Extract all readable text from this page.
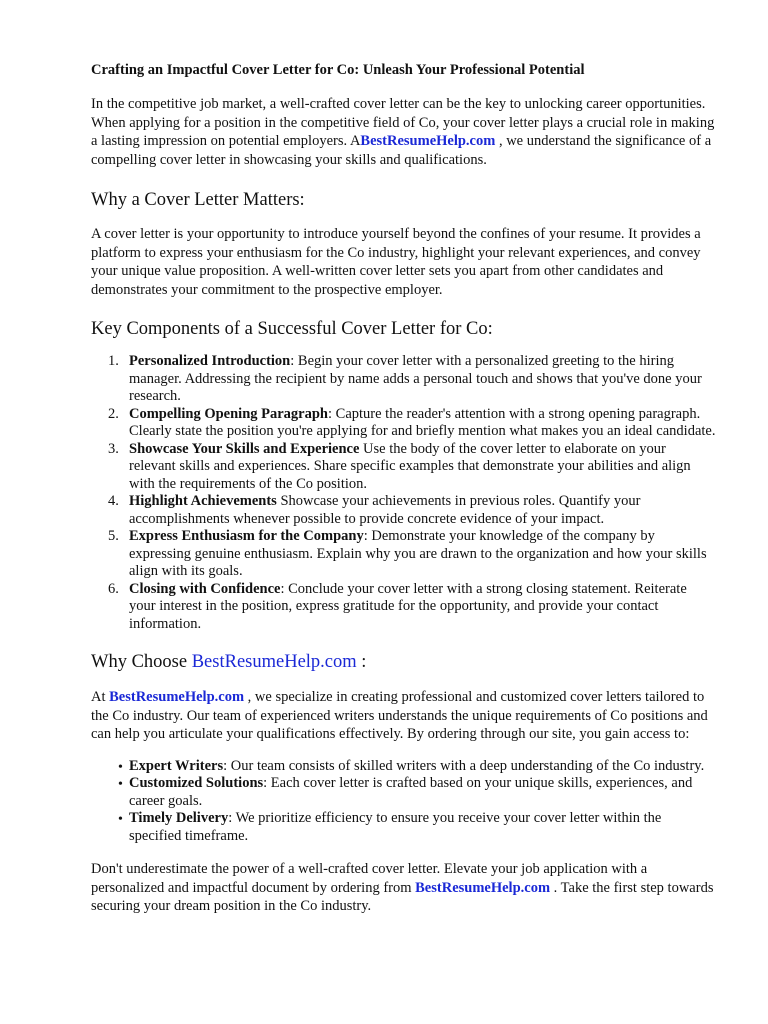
Crafting an Impactful Cover Letter for Co: Unleash Your Professional Potential

In the competitive job market, a well-crafted cover letter can be the key to unlocking career opportunities. When applying for a position in the competitive field of Co, your cover letter plays a crucial role in making a lasting impression on potential employers. ABestResumeHelp.com , we understand the significance of a compelling cover letter in showcasing your skills and qualifications.

Why a Cover Letter Matters:

A cover letter is your opportunity to introduce yourself beyond the confines of your resume. It provides a platform to express your enthusiasm for the Co industry, highlight your relevant experiences, and convey your unique value proposition. A well-written cover letter sets you apart from other candidates and demonstrates your commitment to the prospective employer.

Key Components of a Successful Cover Letter for Co:
1. Personalized Introduction: Begin your cover letter with a personalized greeting to the hiring manager. Addressing the recipient by name adds a personal touch and shows that you've done your research.
2. Compelling Opening Paragraph: Capture the reader's attention with a strong opening paragraph. Clearly state the position you're applying for and briefly mention what makes you an ideal candidate.
3. Showcase Your Skills and Experience Use the body of the cover letter to elaborate on your relevant skills and experiences. Share specific examples that demonstrate your abilities and align with the requirements of the Co position.
4. Highlight Achievements Showcase your achievements in previous roles. Quantify your accomplishments whenever possible to provide concrete evidence of your impact.
5. Express Enthusiasm for the Company: Demonstrate your knowledge of the company by expressing genuine enthusiasm. Explain why you are drawn to the organization and how your skills align with its goals.
6. Closing with Confidence: Conclude your cover letter with a strong closing statement. Reiterate your interest in the position, express gratitude for the opportunity, and provide your contact information.
Why Choose BestResumeHelp.com :

At BestResumeHelp.com , we specialize in creating professional and customized cover letters tailored to the Co industry. Our team of experienced writers understands the unique requirements of Co positions and can help you articulate your qualifications effectively. By ordering through our site, you gain access to:

• Expert Writers: Our team consists of skilled writers with a deep understanding of the Co industry.
• Customized Solutions: Each cover letter is crafted based on your unique skills, experiences, and career goals.
• Timely Delivery: We prioritize efficiency to ensure you receive your cover letter within the specified timeframe.

Don't underestimate the power of a well-crafted cover letter. Elevate your job application with a personalized and impactful document by ordering from BestResumeHelp.com . Take the first step towards securing your dream position in the Co industry.
